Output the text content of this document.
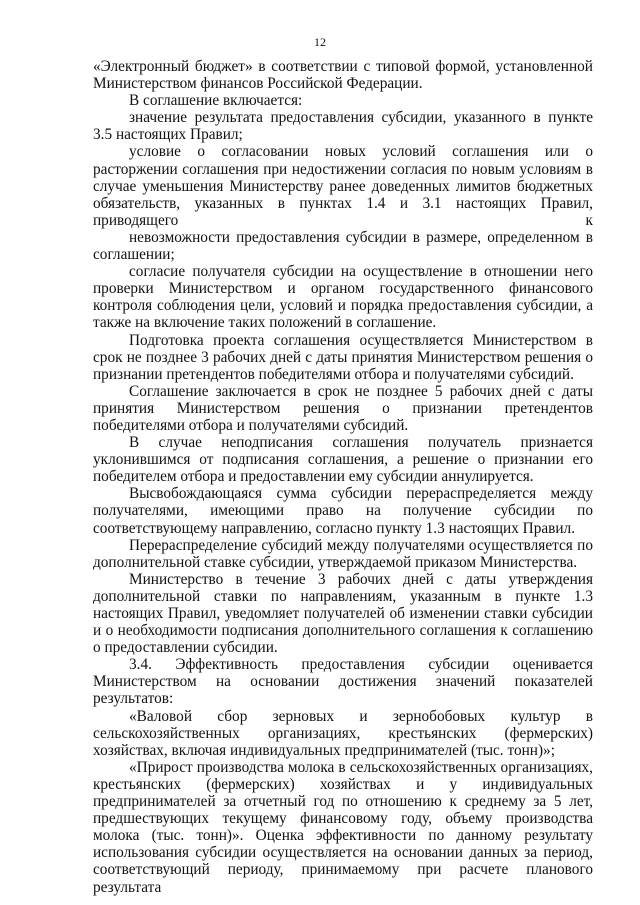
12

«Электронный бюджет» в соответствии с типовой формой, установленной Министерством финансов Российской Федерации.

В соглашение включается:

значение результата предоставления субсидии, указанного в пункте 3.5 настоящих Правил;

условие о согласовании новых условий соглашения или о расторжении соглашения при недостижении согласия по новым условиям в случае уменьшения Министерству ранее доведенных лимитов бюджетных обязательств, указанных в пунктах 1.4 и 3.1 настоящих Правил, приводящего к

невозможности предоставления субсидии в размере, определенном в соглашении;

согласие получателя субсидии на осуществление в отношении него проверки Министерством и органом государственного финансового контроля соблюдения цели, условий и порядка предоставления субсидии, а также на включение таких положений в соглашение.

Подготовка проекта соглашения осуществляется Министерством в срок не позднее 3 рабочих дней с даты принятия Министерством решения о признании претендентов победителями отбора и получателями субсидий.

Соглашение заключается в срок не позднее 5 рабочих дней с даты принятия Министерством решения о признании претендентов победителями отбора и получателями субсидий.

В случае неподписания соглашения получатель признается уклонившимся от подписания соглашения, а решение о признании его победителем отбора и предоставлении ему субсидии аннулируется.

Высвобождающаяся сумма субсидии перераспределяется между получателями, имеющими право на получение субсидии по соответствующему направлению, согласно пункту 1.3 настоящих Правил.

Перераспределение субсидий между получателями осуществляется по дополнительной ставке субсидии, утверждаемой приказом Министерства.

Министерство в течение 3 рабочих дней с даты утверждения дополнительной ставки по направлениям, указанным в пункте 1.3 настоящих Правил, уведомляет получателей об изменении ставки субсидии и о необходимости подписания дополнительного соглашения к соглашению о предоставлении субсидии.

3.4. Эффективность предоставления субсидии оценивается Министерством на основании достижения значений показателей результатов:

«Валовой сбор зерновых и зернобобовых культур в сельскохозяйственных организациях, крестьянских (фермерских) хозяйствах, включая индивидуальных предпринимателей (тыс. тонн)»;

«Прирост производства молока в сельскохозяйственных организациях, крестьянских (фермерских) хозяйствах и у индивидуальных предпринимателей за отчетный год по отношению к среднему за 5 лет, предшествующих текущему финансовому году, объему производства молока (тыс. тонн)». Оценка эффективности по данному результату использования субсидии осуществляется на основании данных за период, соответствующий периоду, принимаемому при расчете планового результата
